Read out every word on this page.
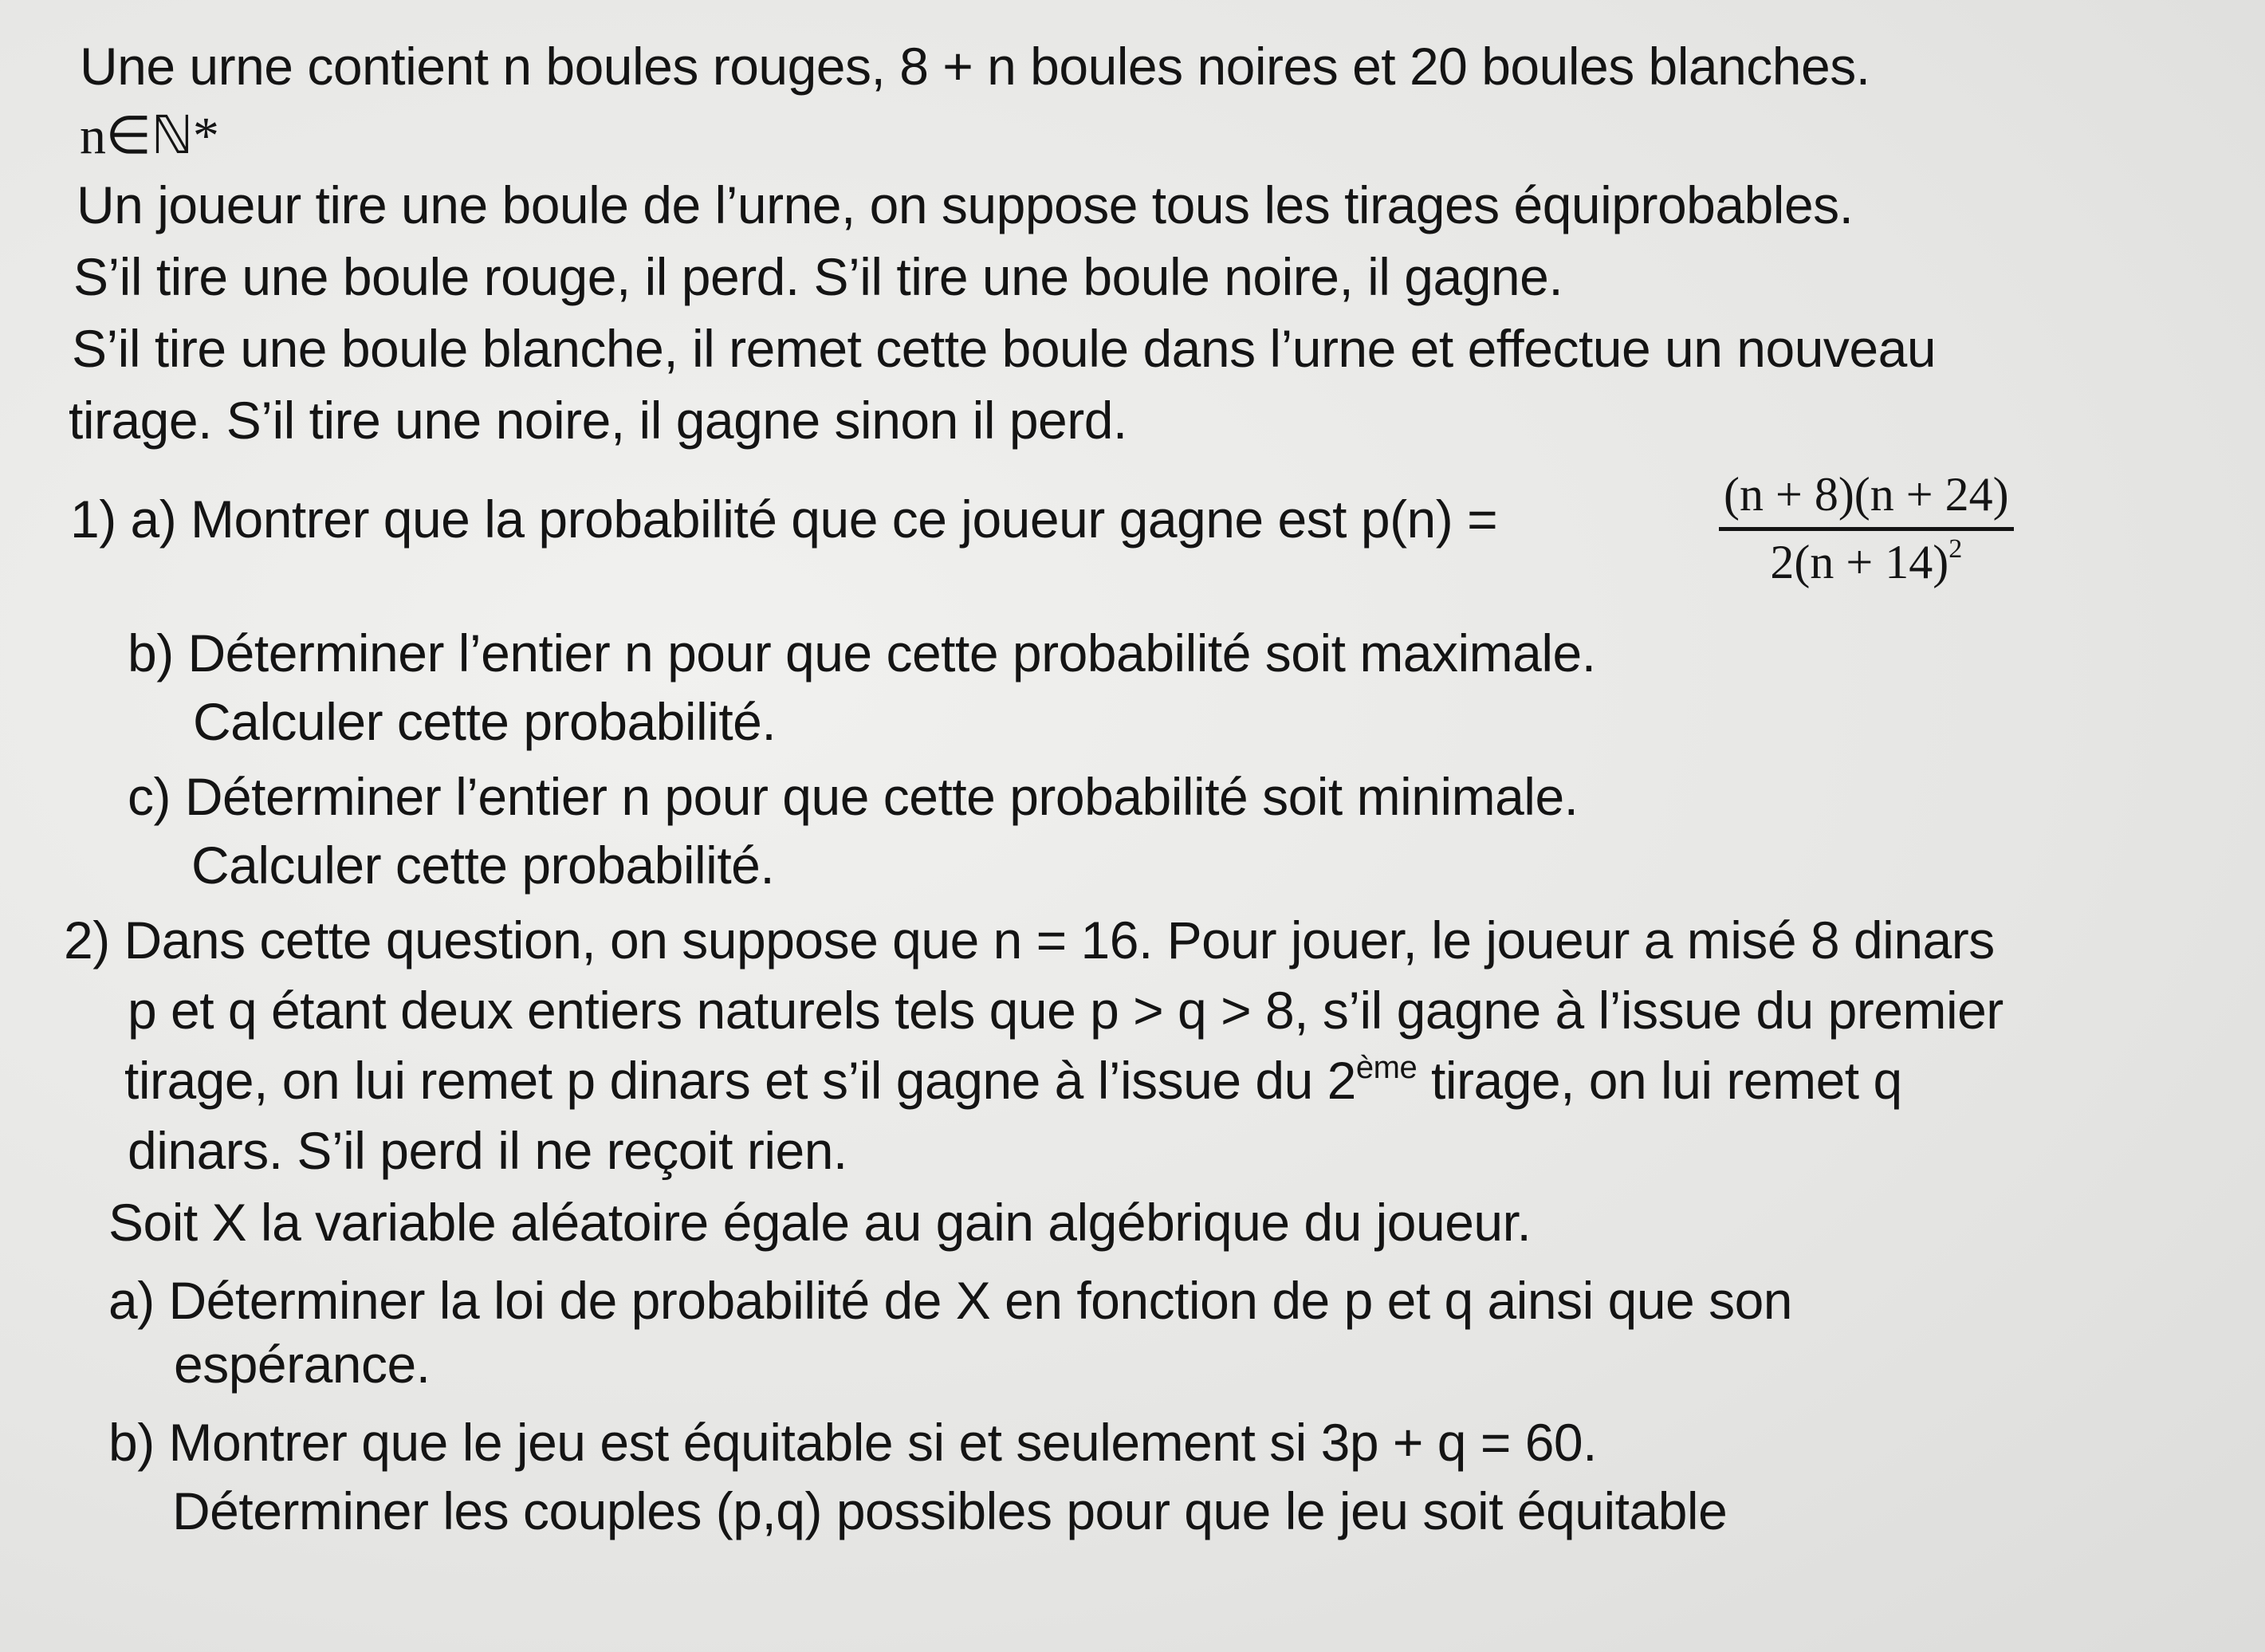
Une urne contient n boules rouges, 8 + n boules noires et 20 boules blanches.
n∈ℕ*
Un joueur tire une boule de l’urne, on suppose tous les tirages équiprobables.
S’il tire une boule rouge, il perd. S’il tire une boule noire, il gagne.
S’il tire une boule blanche, il remet cette boule dans l’urne et effectue un nouveau
tirage. S’il tire une noire, il gagne sinon il perd.
1) a) Montrer que la probabilité que ce joueur gagne est p(n) =	$\frac{(n + 8)(n + 24)}{2(n + 14)^2}$
b) Déterminer l’entier n pour que cette probabilité soit maximale.
Calculer cette probabilité.
c) Déterminer l’entier n pour que cette probabilité soit minimale.
Calculer cette probabilité.
2) Dans cette question, on suppose que n = 16. Pour jouer, le joueur a misé 8 dinars
p et q étant deux entiers naturels tels que p > q > 8, s’il gagne à l’issue du premier
tirage, on lui remet p dinars et s’il gagne à l’issue du 2ème tirage, on lui remet q
dinars. S’il perd il ne reçoit rien.
Soit X la variable aléatoire égale au gain algébrique du joueur.
a) Déterminer la loi de probabilité de X en fonction de p et q ainsi que son
espérance.
b) Montrer que le jeu est équitable si et seulement si 3p + q = 60.
Déterminer les couples (p,q) possibles pour que le jeu soit équitable
